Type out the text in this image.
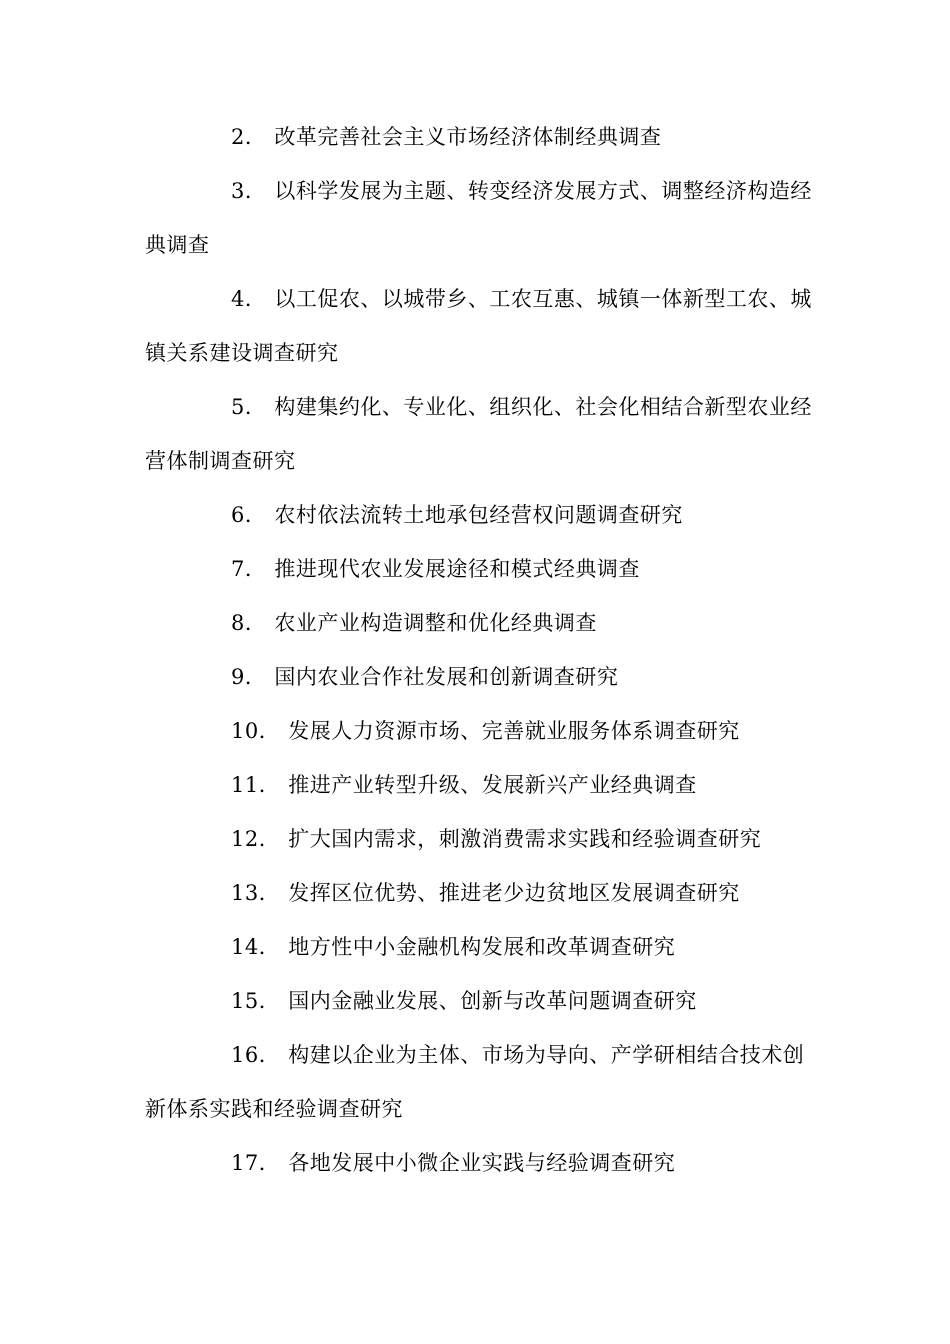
2． 改革完善社会主义市场经济体制经典调查

3． 以科学发展为主题、转变经济发展方式、调整经济构造经典调查

4． 以工促农、以城带乡、工农互惠、城镇一体新型工农、城镇关系建设调查研究

5． 构建集约化、专业化、组织化、社会化相结合新型农业经营体制调查研究

6． 农村依法流转土地承包经营权问题调查研究

7． 推进现代农业发展途径和模式经典调查

8． 农业产业构造调整和优化经典调查

9． 国内农业合作社发展和创新调查研究

10． 发展人力资源市场、完善就业服务体系调查研究

11． 推进产业转型升级、发展新兴产业经典调查

12． 扩大国内需求，刺激消费需求实践和经验调查研究

13． 发挥区位优势、推进老少边贫地区发展调查研究

14． 地方性中小金融机构发展和改革调查研究

15． 国内金融业发展、创新与改革问题调查研究

16． 构建以企业为主体、市场为导向、产学研相结合技术创新体系实践和经验调查研究

17． 各地发展中小微企业实践与经验调查研究
